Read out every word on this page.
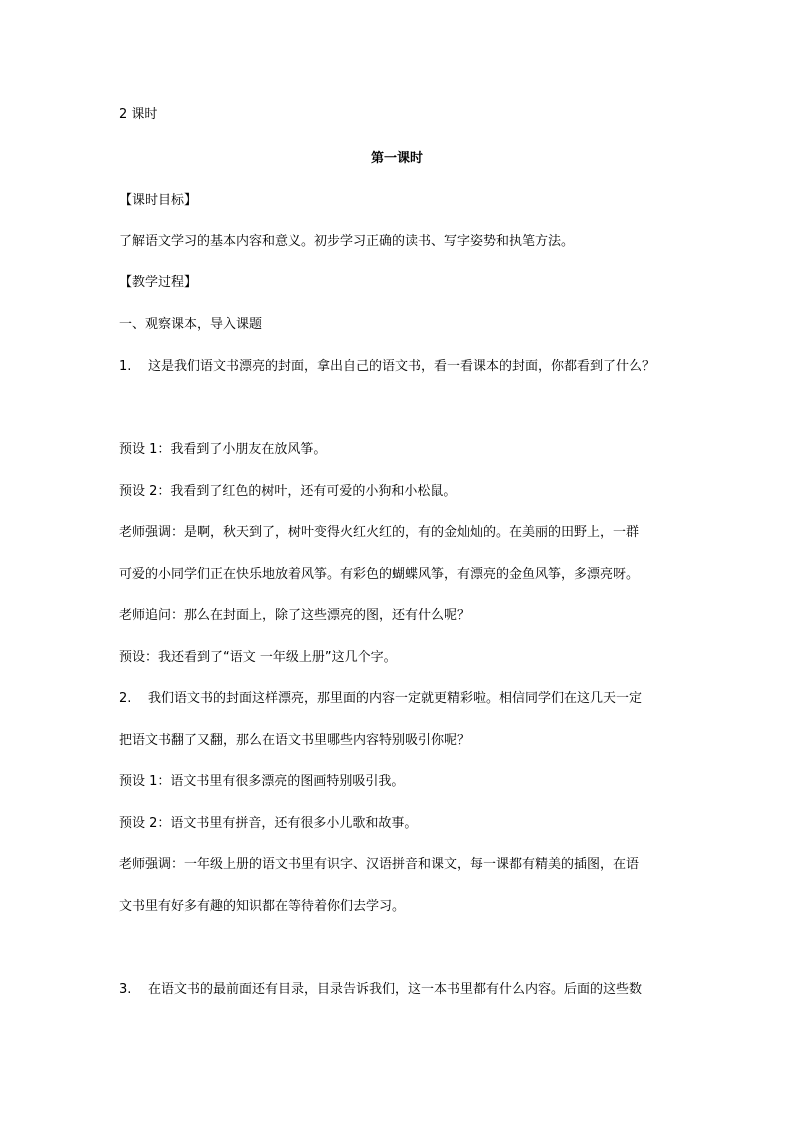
2 课时
第一课时
【课时目标】
了解语文学习的基本内容和意义。初步学习正确的读书、写字姿势和执笔方法。
【教学过程】
一、观察课本，导入课题
1. 这是我们语文书漂亮的封面，拿出自己的语文书，看一看课本的封面，你都看到了什么？
预设 1：我看到了小朋友在放风筝。
预设 2：我看到了红色的树叶，还有可爱的小狗和小松鼠。
老师强调：是啊，秋天到了，树叶变得火红火红的，有的金灿灿的。在美丽的田野上，一群
可爱的小同学们正在快乐地放着风筝。有彩色的蝴蝶风筝，有漂亮的金鱼风筝，多漂亮呀。
老师追问：那么在封面上，除了这些漂亮的图，还有什么呢？
预设：我还看到了“语文 一年级上册”这几个字。
2. 我们语文书的封面这样漂亮，那里面的内容一定就更精彩啦。相信同学们在这几天一定
把语文书翻了又翻，那么在语文书里哪些内容特别吸引你呢？
预设 1：语文书里有很多漂亮的图画特别吸引我。
预设 2：语文书里有拼音，还有很多小儿歌和故事。
老师强调：一年级上册的语文书里有识字、汉语拼音和课文，每一课都有精美的插图，在语
文书里有好多有趣的知识都在等待着你们去学习。
3. 在语文书的最前面还有目录，目录告诉我们，这一本书里都有什么内容。后面的这些数
